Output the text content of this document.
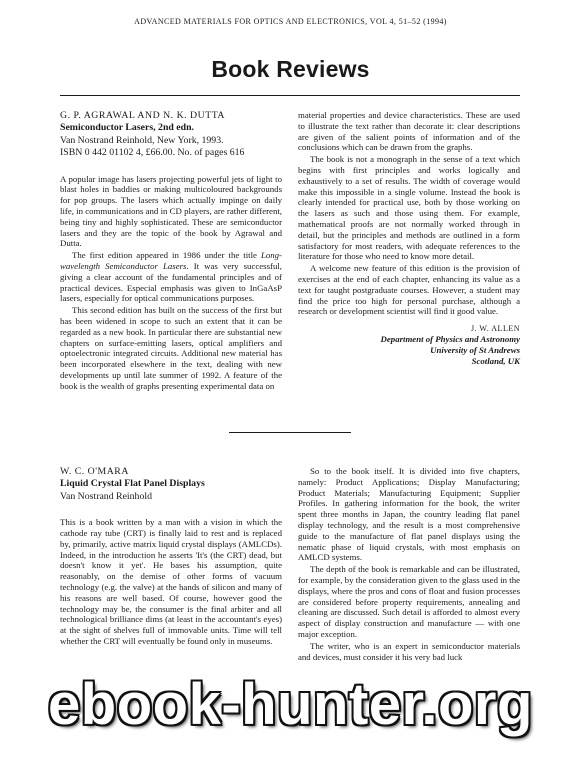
ADVANCED MATERIALS FOR OPTICS AND ELECTRONICS, VOL 4, 51–52 (1994)
Book Reviews
G. P. AGRAWAL AND N. K. DUTTA
Semiconductor Lasers, 2nd edn.
Van Nostrand Reinhold, New York, 1993.
ISBN 0 442 01102 4, £66.00. No. of pages 616

A popular image has lasers projecting powerful jets of light to blast holes in baddies or making multicoloured backgrounds for pop groups. The lasers which actually impinge on daily life, in communications and in CD players, are rather different, being tiny and highly sophisticated. These are semiconductor lasers and they are the topic of the book by Agrawal and Dutta.

The first edition appeared in 1986 under the title Long-wavelength Semiconductor Lasers. It was very successful, giving a clear account of the fundamental principles and of practical devices. Especial emphasis was given to InGaAsP lasers, especially for optical communications purposes.

This second edition has built on the success of the first but has been widened in scope to such an extent that it can be regarded as a new book. In particular there are substantial new chapters on surface-emitting lasers, optical amplifiers and optoelectronic integrated circuits. Additional new material has been incorporated elsewhere in the text, dealing with new developments up until late summer of 1992. A feature of the book is the wealth of graphs presenting experimental data on

material properties and device characteristics. These are used to illustrate the text rather than decorate it: clear descriptions are given of the salient points of information and of the conclusions which can be drawn from the graphs.

The book is not a monograph in the sense of a text which begins with first principles and works logically and exhaustively to a set of results. The width of coverage would make this impossible in a single volume. Instead the book is clearly intended for practical use, both by those working on the lasers as such and those using them. For example, mathematical proofs are not normally worked through in detail, but the principles and methods are outlined in a form satisfactory for most readers, with adequate references to the literature for those who need to know more detail.

A welcome new feature of this edition is the provision of exercises at the end of each chapter, enhancing its value as a text for taught postgraduate courses. However, a student may find the price too high for personal purchase, although a research or development scientist will find it good value.

J. W. ALLEN
Department of Physics and Astronomy
University of St Andrews
Scotland, UK
W. C. O'MARA
Liquid Crystal Flat Panel Displays
Van Nostrand Reinhold

This is a book written by a man with a vision in which the cathode ray tube (CRT) is finally laid to rest and is replaced by, primarily, active matrix liquid crystal displays (AMLCDs). Indeed, in the introduction he asserts 'It's (the CRT) dead, but doesn't know it yet'. He bases his assumption, quite reasonably, on the demise of other forms of vacuum technology (e.g. the valve) at the hands of silicon and many of his reasons are well based. Of course, however good the technology may be, the consumer is the final arbiter and all technological brilliance dims (at least in the accountant's eyes) at the sight of shelves full of immovable units. Time will tell whether the CRT will eventually be found only in museums.

So to the book itself. It is divided into five chapters, namely: Product Applications; Display Manufacturing; Product Materials; Manufacturing Equipment; Supplier Profiles. In gathering information for the book, the writer spent three months in Japan, the country leading flat panel display technology, and the result is a most comprehensive guide to the manufacture of flat panel displays using the nematic phase of liquid crystals, with most emphasis on AMLCD systems.

The depth of the book is remarkable and can be illustrated, for example, by the consideration given to the glass used in the displays, where the pros and cons of float and fusion processes are considered before property requirements, annealing and cleaning are discussed. Such detail is afforded to almost every aspect of display construction and manufacture — with one major exception.

The writer, who is an expert in semiconductor materials and devices, must consider it his very bad luck

ebook-hunter.org
